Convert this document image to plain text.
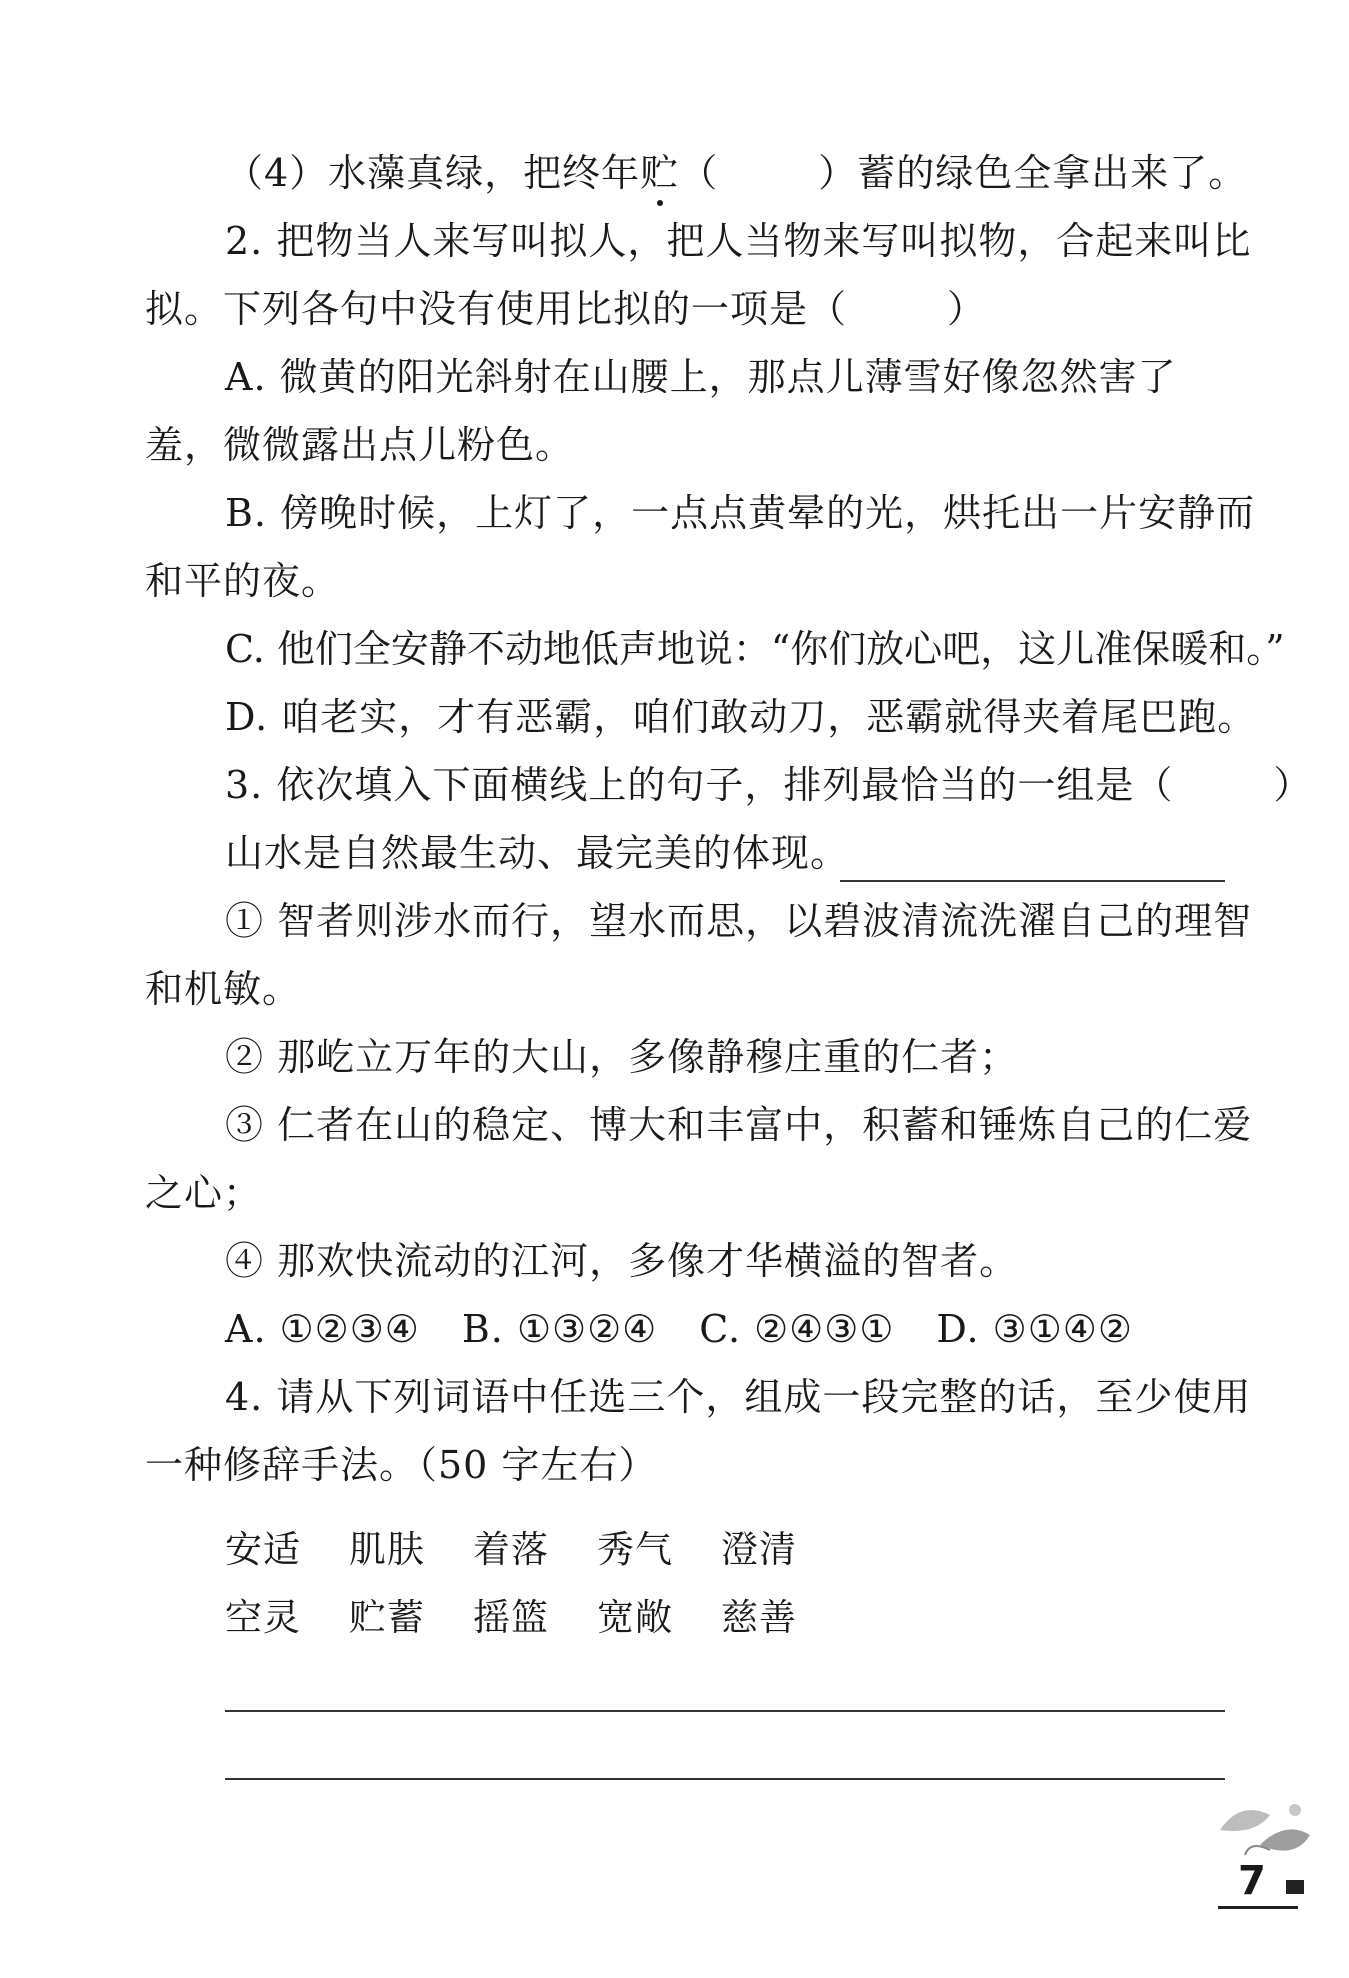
（4）水藻真绿，把终年贮（	）蓄的绿色全拿出来了。
2. 把物当人来写叫拟人，把人当物来写叫拟物，合起来叫比
拟。下列各句中没有使用比拟的一项是（	）
A. 微黄的阳光斜射在山腰上，那点儿薄雪好像忽然害了
羞，微微露出点儿粉色。
B. 傍晚时候，上灯了，一点点黄晕的光，烘托出一片安静而
和平的夜。
C. 他们全安静不动地低声地说：“你们放心吧，这儿准保暖和。”
D. 咱老实，才有恶霸，咱们敢动刀，恶霸就得夹着尾巴跑。
3. 依次填入下面横线上的句子，排列最恰当的一组是（	）
山水是自然最生动、最完美的体现。
① 智者则涉水而行，望水而思，以碧波清流洗濯自己的理智
和机敏。
② 那屹立万年的大山，多像静穆庄重的仁者；
③ 仁者在山的稳定、博大和丰富中，积蓄和锤炼自己的仁爱
之心；
④ 那欢快流动的江河，多像才华横溢的智者。
A. ①②③④ B. ①③②④ C. ②④③① D. ③①④②
4. 请从下列词语中任选三个，组成一段完整的话，至少使用
一种修辞手法。（50 字左右）
安适 肌肤 着落 秀气 澄清
空灵 贮蓄 摇篮 宽敞 慈善
7
